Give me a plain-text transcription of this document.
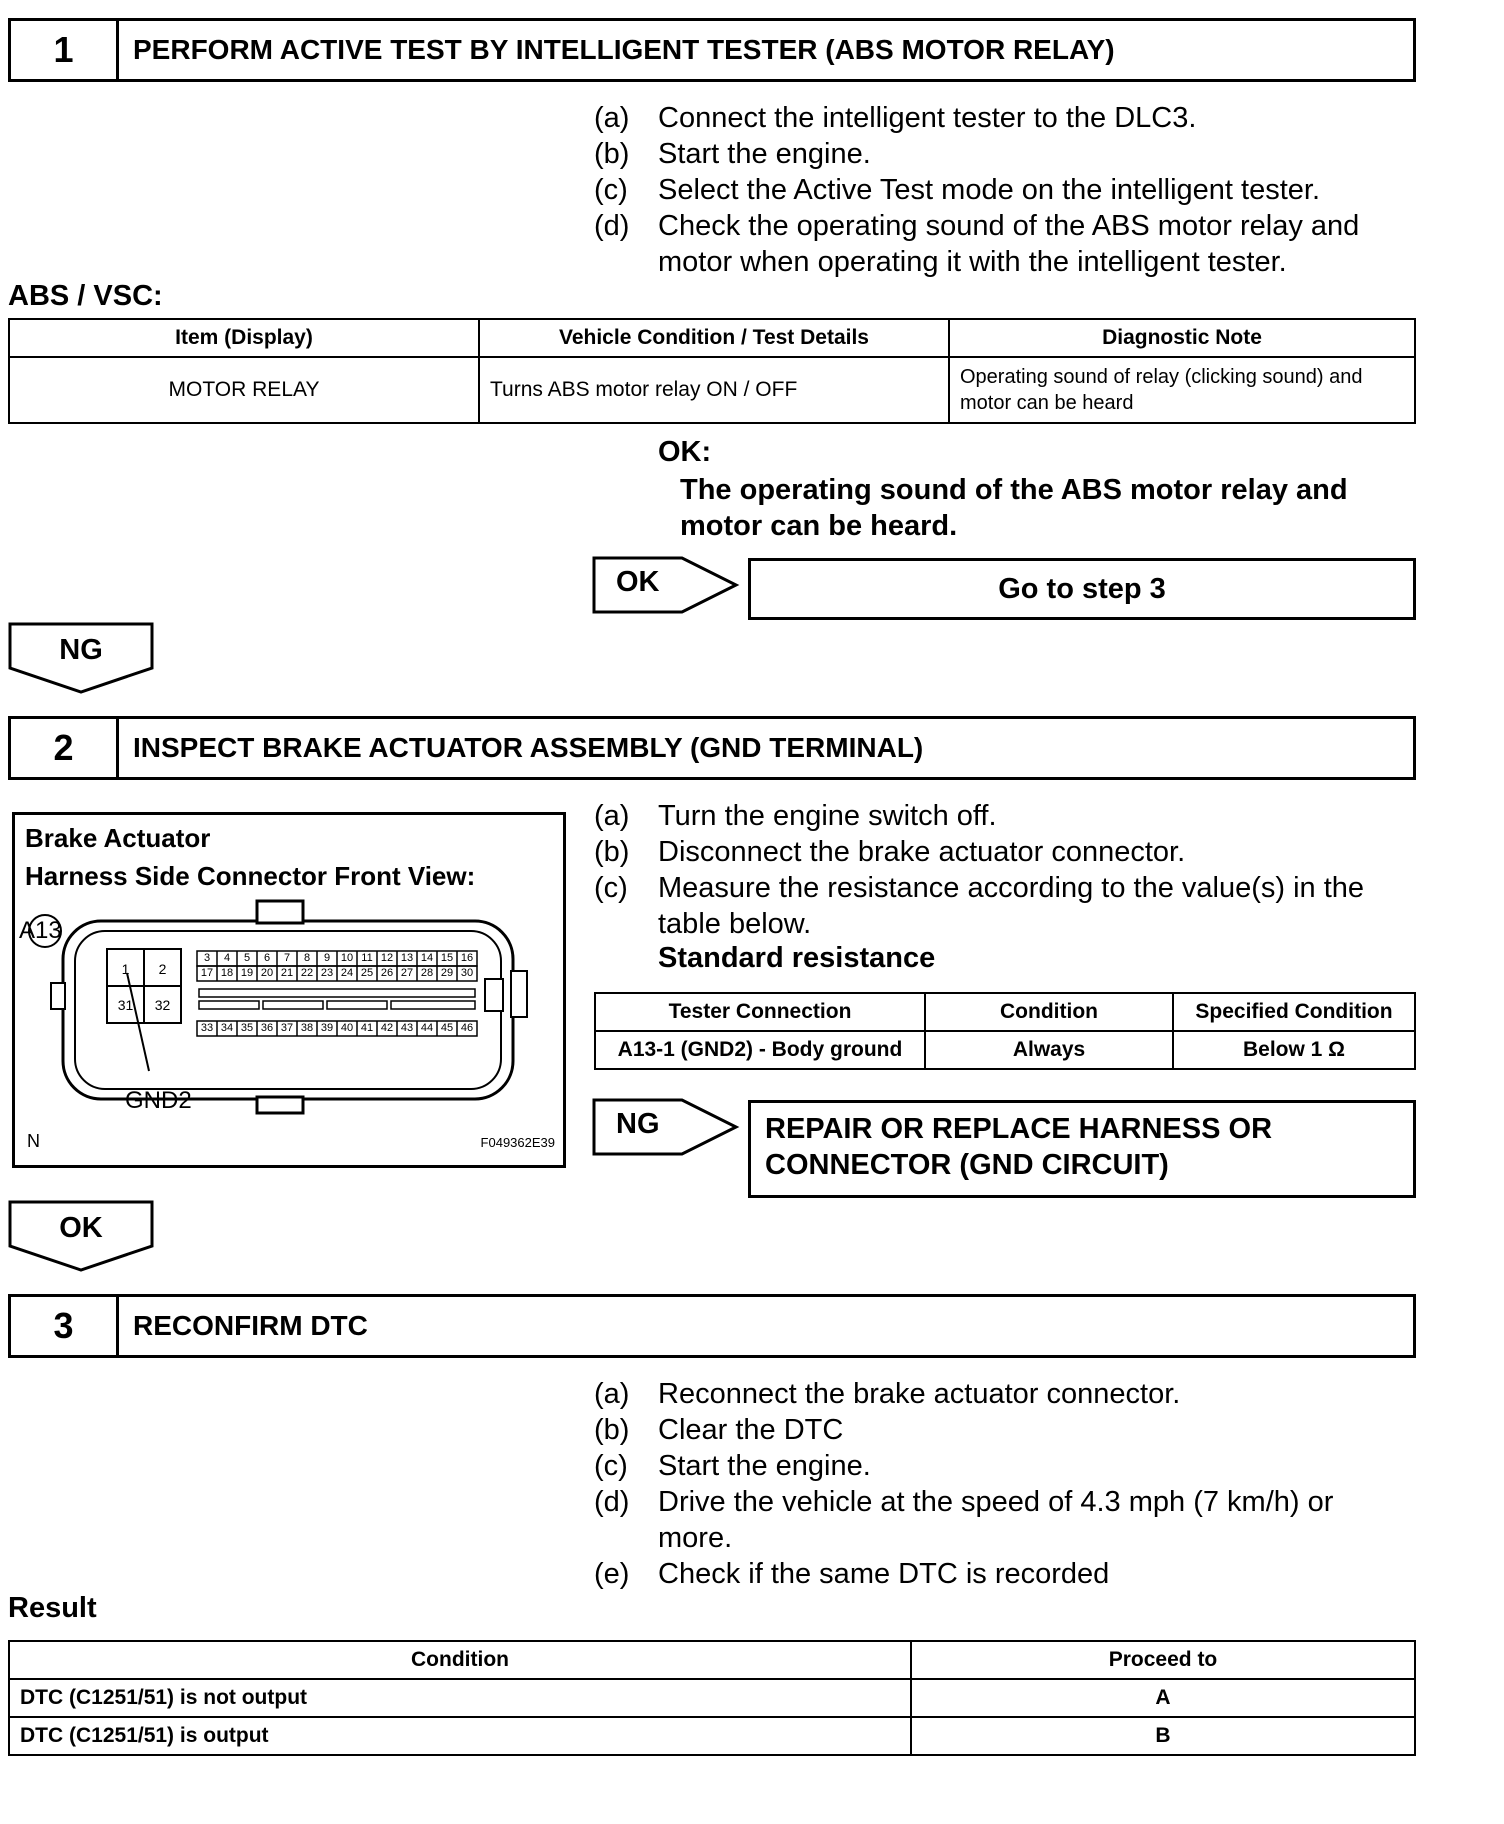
1	PERFORM ACTIVE TEST BY INTELLIGENT TESTER (ABS MOTOR RELAY)
(a) Connect the intelligent tester to the DLC3.
(b) Start the engine.
(c) Select the Active Test mode on the intelligent tester.
(d) Check the operating sound of the ABS motor relay and
motor when operating it with the intelligent tester.
ABS / VSC:
Item (Display)	Vehicle Condition / Test Details	Diagnostic Note
MOTOR RELAY	Turns ABS motor relay ON / OFF	Operating sound of relay (clicking sound) and
motor can be heard
OK:
The operating sound of the ABS motor relay and
motor can be heard.
OK	Go to step 3
NG
2	INSPECT BRAKE ACTUATOR ASSEMBLY (GND TERMINAL)
Brake Actuator
Harness Side Connector Front View:
A13
1	2
31	32
3	4	5	6	7	8	9 10 11 12 13 14 15 16
17 18 19 20 21 22 23 24 25 26 27 28 29 30
33 34 35 36 37 38 39 40 41 42 43 44 45 46
GND2
N	F049362E39
(a) Turn the engine switch off.
(b) Disconnect the brake actuator connector.
(c) Measure the resistance according to the value(s) in the
table below.
Standard resistance
Tester Connection	Condition	Specified Condition
A13-1 (GND2) - Body ground	Always	Below 1 Ω
NG	REPAIR OR REPLACE HARNESS OR
CONNECTOR (GND CIRCUIT)
OK
3	RECONFIRM DTC
(a) Reconnect the brake actuator connector.
(b) Clear the DTC
(c) Start the engine.
(d) Drive the vehicle at the speed of 4.3 mph (7 km/h) or
more.
(e) Check if the same DTC is recorded
Result
Condition	Proceed to
DTC (C1251/51) is not output	A
DTC (C1251/51) is output	B
